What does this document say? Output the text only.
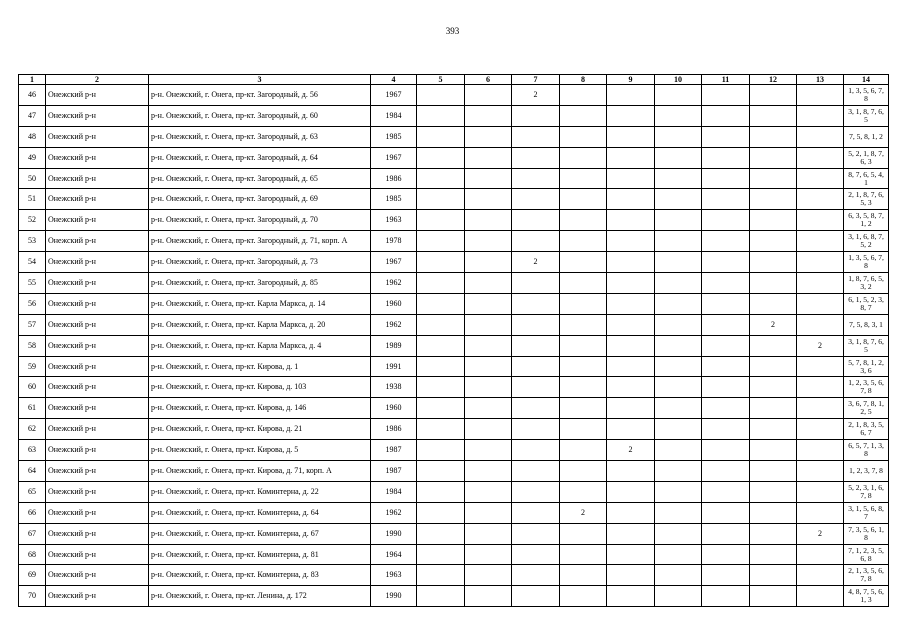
393
1	2	3	4	5	6	7	8	9	10	11	12	13	14
46	Онежский р-н	р-н. Онежский, г. Онега, пр-кт. Загородный, д. 56	1967			2							1, 3, 5, 6, 7, 8
47	Онежский р-н	р-н. Онежский, г. Онега, пр-кт. Загородный, д. 60	1984										3, 1, 8, 7, 6, 5
48	Онежский р-н	р-н. Онежский, г. Онега, пр-кт. Загородный, д. 63	1985										7, 5, 8, 1, 2
49	Онежский р-н	р-н. Онежский, г. Онега, пр-кт. Загородный, д. 64	1967										5, 2, 1, 8, 7, 6, 3
50	Онежский р-н	р-н. Онежский, г. Онега, пр-кт. Загородный, д. 65	1986										8, 7, 6, 5, 4, 1
51	Онежский р-н	р-н. Онежский, г. Онега, пр-кт. Загородный, д. 69	1985										2, 1, 8, 7, 6, 5, 3
52	Онежский р-н	р-н. Онежский, г. Онега, пр-кт. Загородный, д. 70	1963										6, 3, 5, 8, 7, 1, 2
53	Онежский р-н	р-н. Онежский, г. Онега, пр-кт. Загородный, д. 71, корп. А	1978										3, 1, 6, 8, 7, 5, 2
54	Онежский р-н	р-н. Онежский, г. Онега, пр-кт. Загородный, д. 73	1967			2							1, 3, 5, 6, 7, 8
55	Онежский р-н	р-н. Онежский, г. Онега, пр-кт. Загородный, д. 85	1962										1, 8, 7, 6, 5, 3, 2
56	Онежский р-н	р-н. Онежский, г. Онега, пр-кт. Карла Маркса, д. 14	1960										6, 1, 5, 2, 3, 8, 7
57	Онежский р-н	р-н. Онежский, г. Онега, пр-кт. Карла Маркса, д. 20	1962								2		7, 5, 8, 3, 1
58	Онежский р-н	р-н. Онежский, г. Онега, пр-кт. Карла Маркса, д. 4	1989									2	3, 1, 8, 7, 6, 5
59	Онежский р-н	р-н. Онежский, г. Онега, пр-кт. Кирова, д. 1	1991										5, 7, 8, 1, 2, 3, 6
60	Онежский р-н	р-н. Онежский, г. Онега, пр-кт. Кирова, д. 103	1938										1, 2, 3, 5, 6, 7, 8
61	Онежский р-н	р-н. Онежский, г. Онега, пр-кт. Кирова, д. 146	1960										3, 6, 7, 8, 1, 2, 5
62	Онежский р-н	р-н. Онежский, г. Онега, пр-кт. Кирова, д. 21	1986										2, 1, 8, 3, 5, 6, 7
63	Онежский р-н	р-н. Онежский, г. Онега, пр-кт. Кирова, д. 5	1987					2					6, 5, 7, 1, 3, 8
64	Онежский р-н	р-н. Онежский, г. Онега, пр-кт. Кирова, д. 71, корп. А	1987										1, 2, 3, 7, 8
65	Онежский р-н	р-н. Онежский, г. Онега, пр-кт. Коминтерна, д. 22	1984										5, 2, 3, 1, 6, 7, 8
66	Онежский р-н	р-н. Онежский, г. Онега, пр-кт. Коминтерна, д. 64	1962				2						3, 1, 5, 6, 8, 7
67	Онежский р-н	р-н. Онежский, г. Онега, пр-кт. Коминтерна, д. 67	1990									2	7, 3, 5, 6, 1, 8
68	Онежский р-н	р-н. Онежский, г. Онега, пр-кт. Коминтерна, д. 81	1964										7, 1, 2, 3, 5, 6, 8
69	Онежский р-н	р-н. Онежский, г. Онега, пр-кт. Коминтерна, д. 83	1963										2, 1, 3, 5, 6, 7, 8
70	Онежский р-н	р-н. Онежский, г. Онега, пр-кт. Ленина, д. 172	1990										4, 8, 7, 5, 6, 1, 3
